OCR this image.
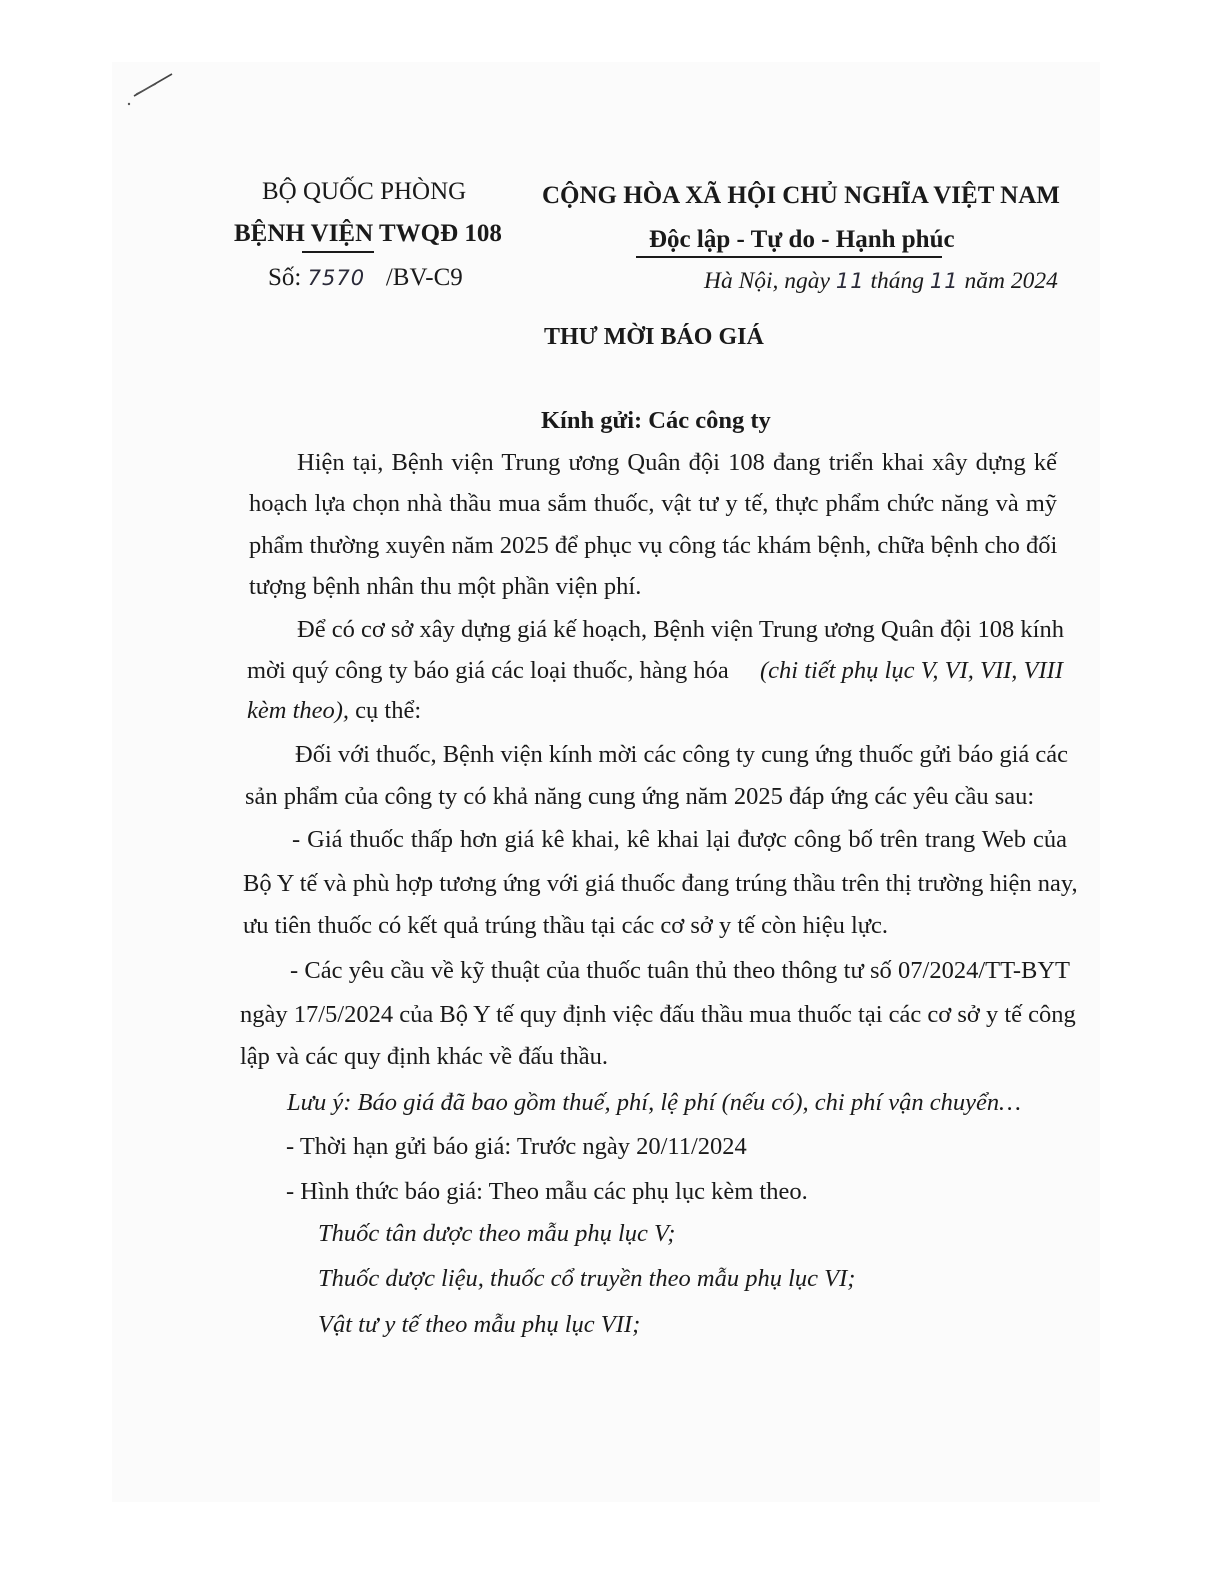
BỘ QUỐC PHÒNG
BỆNH VIỆN TWQĐ 108
Số: 7570 /BV-C9
CỘNG HÒA XÃ HỘI CHỦ NGHĨA VIỆT NAM
Độc lập - Tự do - Hạnh phúc
Hà Nội, ngày 11 tháng 11 năm 2024
THƯ MỜI BÁO GIÁ
Kính gửi: Các công ty
Hiện tại, Bệnh viện Trung ương Quân đội 108 đang triển khai xây dựng kế
hoạch lựa chọn nhà thầu mua sắm thuốc, vật tư y tế, thực phẩm chức năng và mỹ
phẩm thường xuyên năm 2025 để phục vụ công tác khám bệnh, chữa bệnh cho đối
tượng bệnh nhân thu một phần viện phí.
Để có cơ sở xây dựng giá kế hoạch, Bệnh viện Trung ương Quân đội 108 kính
mời quý công ty báo giá các loại thuốc, hàng hóa (chi tiết phụ lục V, VI, VII, VIII
kèm theo), cụ thể:
Đối với thuốc, Bệnh viện kính mời các công ty cung ứng thuốc gửi báo giá các
sản phẩm của công ty có khả năng cung ứng năm 2025 đáp ứng các yêu cầu sau:
- Giá thuốc thấp hơn giá kê khai, kê khai lại được công bố trên trang Web của
Bộ Y tế và phù hợp tương ứng với giá thuốc đang trúng thầu trên thị trường hiện nay,
ưu tiên thuốc có kết quả trúng thầu tại các cơ sở y tế còn hiệu lực.
- Các yêu cầu về kỹ thuật của thuốc tuân thủ theo thông tư số 07/2024/TT-BYT
ngày 17/5/2024 của Bộ Y tế quy định việc đấu thầu mua thuốc tại các cơ sở y tế công
lập và các quy định khác về đấu thầu.
Lưu ý: Báo giá đã bao gồm thuế, phí, lệ phí (nếu có), chi phí vận chuyển…
- Thời hạn gửi báo giá: Trước ngày 20/11/2024
- Hình thức báo giá: Theo mẫu các phụ lục kèm theo.
Thuốc tân dược theo mẫu phụ lục V;
Thuốc dược liệu, thuốc cổ truyền theo mẫu phụ lục VI;
Vật tư y tế theo mẫu phụ lục VII;
